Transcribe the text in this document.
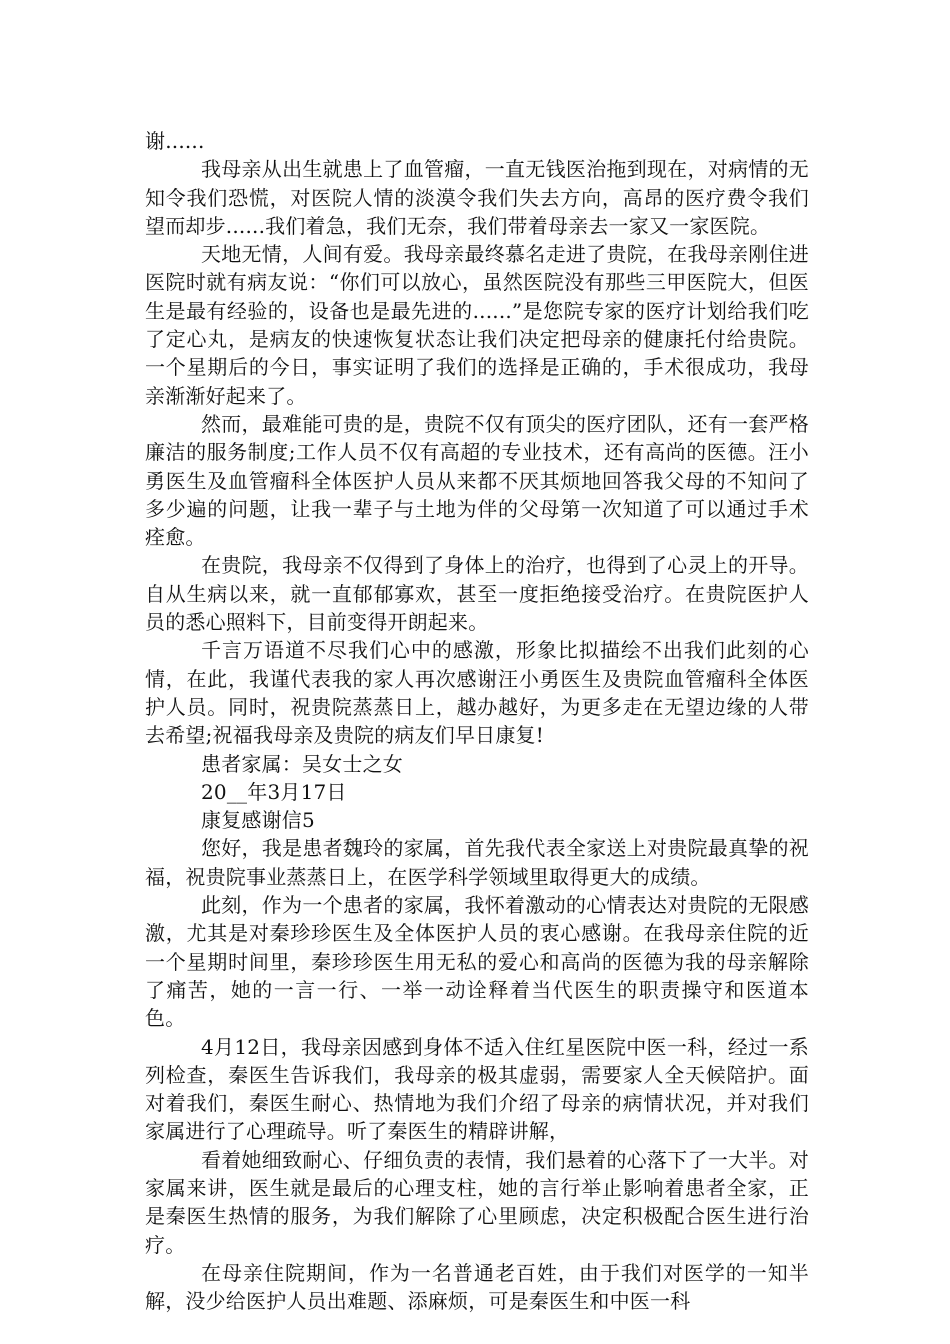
谢......

我母亲从出生就患上了血管瘤，一直无钱医治拖到现在，对病情的无知令我们恐慌，对医院人情的淡漠令我们失去方向，高昂的医疗费令我们望而却步......我们着急，我们无奈，我们带着母亲去一家又一家医院。

天地无情，人间有爱。我母亲最终慕名走进了贵院，在我母亲刚住进医院时就有病友说：“你们可以放心，虽然医院没有那些三甲医院大，但医生是最有经验的，设备也是最先进的......”是您院专家的医疗计划给我们吃了定心丸，是病友的快速恢复状态让我们决定把母亲的健康托付给贵院。一个星期后的今日，事实证明了我们的选择是正确的，手术很成功，我母亲渐渐好起来了。

然而，最难能可贵的是，贵院不仅有顶尖的医疗团队，还有一套严格廉洁的服务制度;工作人员不仅有高超的专业技术，还有高尚的医德。汪小勇医生及血管瘤科全体医护人员从来都不厌其烦地回答我父母的不知问了多少遍的问题，让我一辈子与土地为伴的父母第一次知道了可以通过手术痊愈。

在贵院，我母亲不仅得到了身体上的治疗，也得到了心灵上的开导。自从生病以来，就一直郁郁寡欢，甚至一度拒绝接受治疗。在贵院医护人员的悉心照料下，目前变得开朗起来。

千言万语道不尽我们心中的感激，形象比拟描绘不出我们此刻的心情，在此，我谨代表我的家人再次感谢汪小勇医生及贵院血管瘤科全体医护人员。同时，祝贵院蒸蒸日上，越办越好，为更多走在无望边缘的人带去希望;祝福我母亲及贵院的病友们早日康复!

患者家属：吴女士之女

20__年3月17日

康复感谢信5

您好，我是患者魏玲的家属，首先我代表全家送上对贵院最真挚的祝福，祝贵院事业蒸蒸日上，在医学科学领域里取得更大的成绩。

此刻，作为一个患者的家属，我怀着激动的心情表达对贵院的无限感激，尤其是对秦珍珍医生及全体医护人员的衷心感谢。在我母亲住院的近一个星期时间里，秦珍珍医生用无私的爱心和高尚的医德为我的母亲解除了痛苦，她的一言一行、一举一动诠释着当代医生的职责操守和医道本色。

4月12日，我母亲因感到身体不适入住红星医院中医一科，经过一系列检查，秦医生告诉我们，我母亲的极其虚弱，需要家人全天候陪护。面对着我们，秦医生耐心、热情地为我们介绍了母亲的病情状况，并对我们家属进行了心理疏导。听了秦医生的精辟讲解，

看着她细致耐心、仔细负责的表情，我们悬着的心落下了一大半。对家属来讲，医生就是最后的心理支柱，她的言行举止影响着患者全家，正是秦医生热情的服务，为我们解除了心里顾虑，决定积极配合医生进行治疗。

在母亲住院期间，作为一名普通老百姓，由于我们对医学的一知半解，没少给医护人员出难题、添麻烦，可是秦医生和中医一科
